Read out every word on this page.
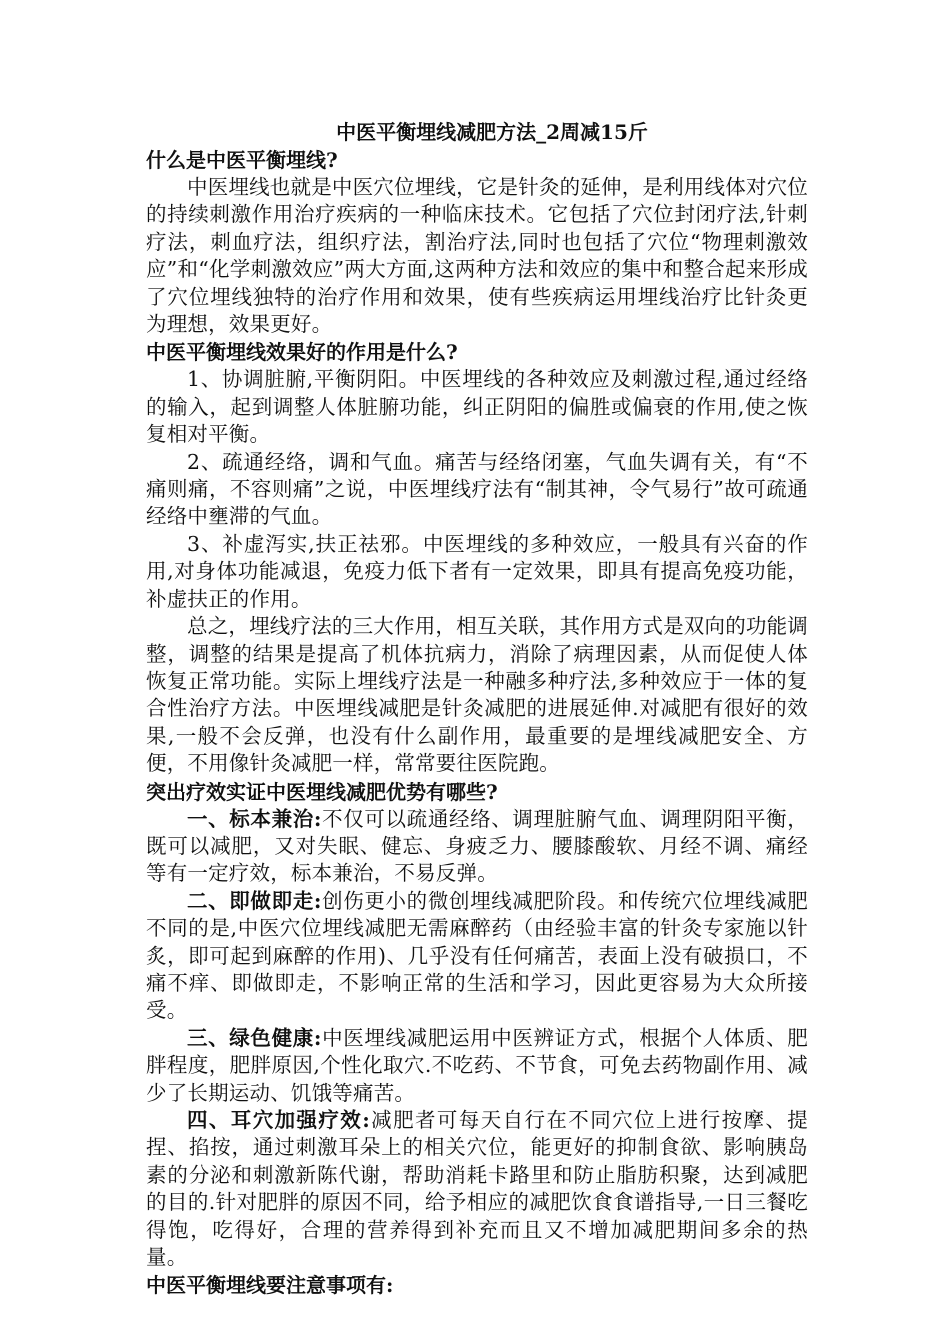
中医平衡埋线减肥方法_2周减15斤

什么是中医平衡埋线?

中医埋线也就是中医穴位埋线，它是针灸的延伸，是利用线体对穴位的持续刺激作用治疗疾病的一种临床技术。它包括了穴位封闭疗法,针刺疗法，刺血疗法，组织疗法，割治疗法,同时也包括了穴位“物理刺激效应”和“化学刺激效应”两大方面,这两种方法和效应的集中和整合起来形成了穴位埋线独特的治疗作用和效果，使有些疾病运用埋线治疗比针灸更为理想，效果更好。

中医平衡埋线效果好的作用是什么?

1、协调脏腑,平衡阴阳。中医埋线的各种效应及刺激过程,通过经络的输入，起到调整人体脏腑功能，纠正阴阳的偏胜或偏衰的作用,使之恢复相对平衡。

2、疏通经络，调和气血。痛苦与经络闭塞，气血失调有关，有“不痛则痛，不容则痛”之说，中医埋线疗法有“制其神，令气易行”故可疏通经络中壅滞的气血。

3、补虚泻实,扶正祛邪。中医埋线的多种效应，一般具有兴奋的作用,对身体功能减退，免疫力低下者有一定效果，即具有提高免疫功能，补虚扶正的作用。

总之，埋线疗法的三大作用，相互关联，其作用方式是双向的功能调整，调整的结果是提高了机体抗病力，消除了病理因素，从而促使人体恢复正常功能。实际上埋线疗法是一种融多种疗法,多种效应于一体的复合性治疗方法。中医埋线减肥是针灸减肥的进展延伸.对减肥有很好的效果,一般不会反弹，也没有什么副作用，最重要的是埋线减肥安全、方便，不用像针灸减肥一样，常常要往医院跑。

突出疗效实证中医埋线减肥优势有哪些?

一、标本兼治:不仅可以疏通经络、调理脏腑气血、调理阴阳平衡，既可以减肥，又对失眠、健忘、身疲乏力、腰膝酸软、月经不调、痛经等有一定疗效，标本兼治，不易反弹。

二、即做即走:创伤更小的微创埋线减肥阶段。和传统穴位埋线减肥不同的是,中医穴位埋线减肥无需麻醉药（由经验丰富的针灸专家施以针炙，即可起到麻醉的作用)、几乎没有任何痛苦，表面上没有破损口，不痛不痒、即做即走，不影响正常的生活和学习，因此更容易为大众所接受。

三、绿色健康:中医埋线减肥运用中医辨证方式，根据个人体质、肥胖程度，肥胖原因,个性化取穴.不吃药、不节食，可免去药物副作用、减少了长期运动、饥饿等痛苦。

四、耳穴加强疗效:减肥者可每天自行在不同穴位上进行按摩、提捏、掐按，通过刺激耳朵上的相关穴位，能更好的抑制食欲、影响胰岛素的分泌和刺激新陈代谢，帮助消耗卡路里和防止脂肪积聚，达到减肥的目的.针对肥胖的原因不同，给予相应的减肥饮食食谱指导,一日三餐吃得饱，吃得好，合理的营养得到补充而且又不增加减肥期间多余的热量。

中医平衡埋线要注意事项有:
